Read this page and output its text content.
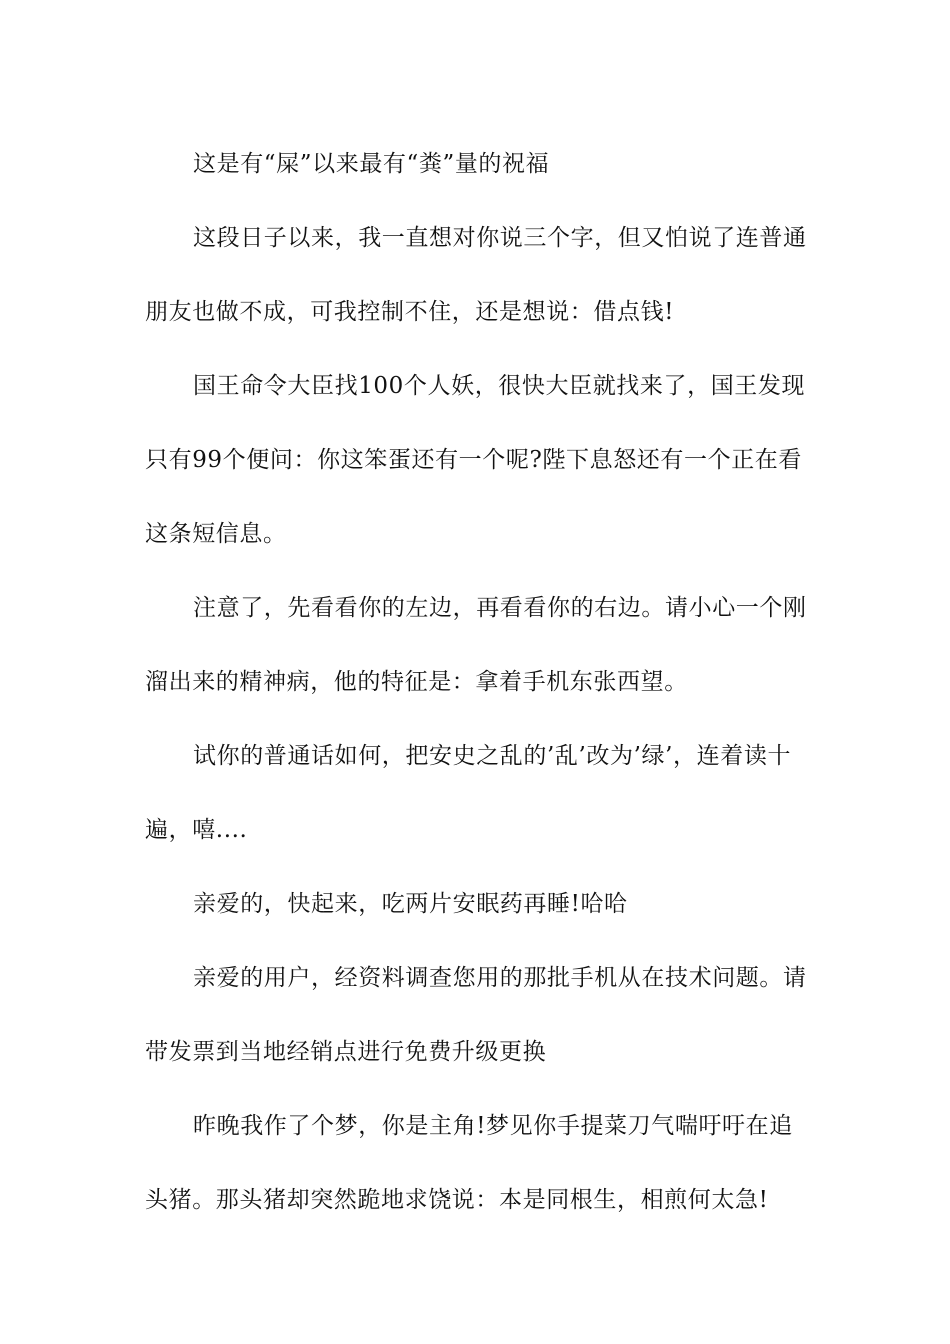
这是有“屎”以来最有“粪”量的祝福

这段日子以来，我一直想对你说三个字，但又怕说了连普通朋友也做不成，可我控制不住，还是想说：借点钱!

国王命令大臣找100个人妖，很快大臣就找来了，国王发现只有99个便问：你这笨蛋还有一个呢?陛下息怒还有一个正在看这条短信息。

注意了，先看看你的左边，再看看你的右边。请小心一个刚溜出来的精神病，他的特征是：拿着手机东张西望。

试你的普通话如何，把安史之乱的’乱’改为’绿’，连着读十遍，嘻....

亲爱的，快起来，吃两片安眠药再睡!哈哈

亲爱的用户，经资料调查您用的那批手机从在技术问题。请带发票到当地经销点进行免费升级更换

昨晚我作了个梦，你是主角!梦见你手提菜刀气喘吁吁在追头猪。那头猪却突然跪地求饶说：本是同根生，相煎何太急!
